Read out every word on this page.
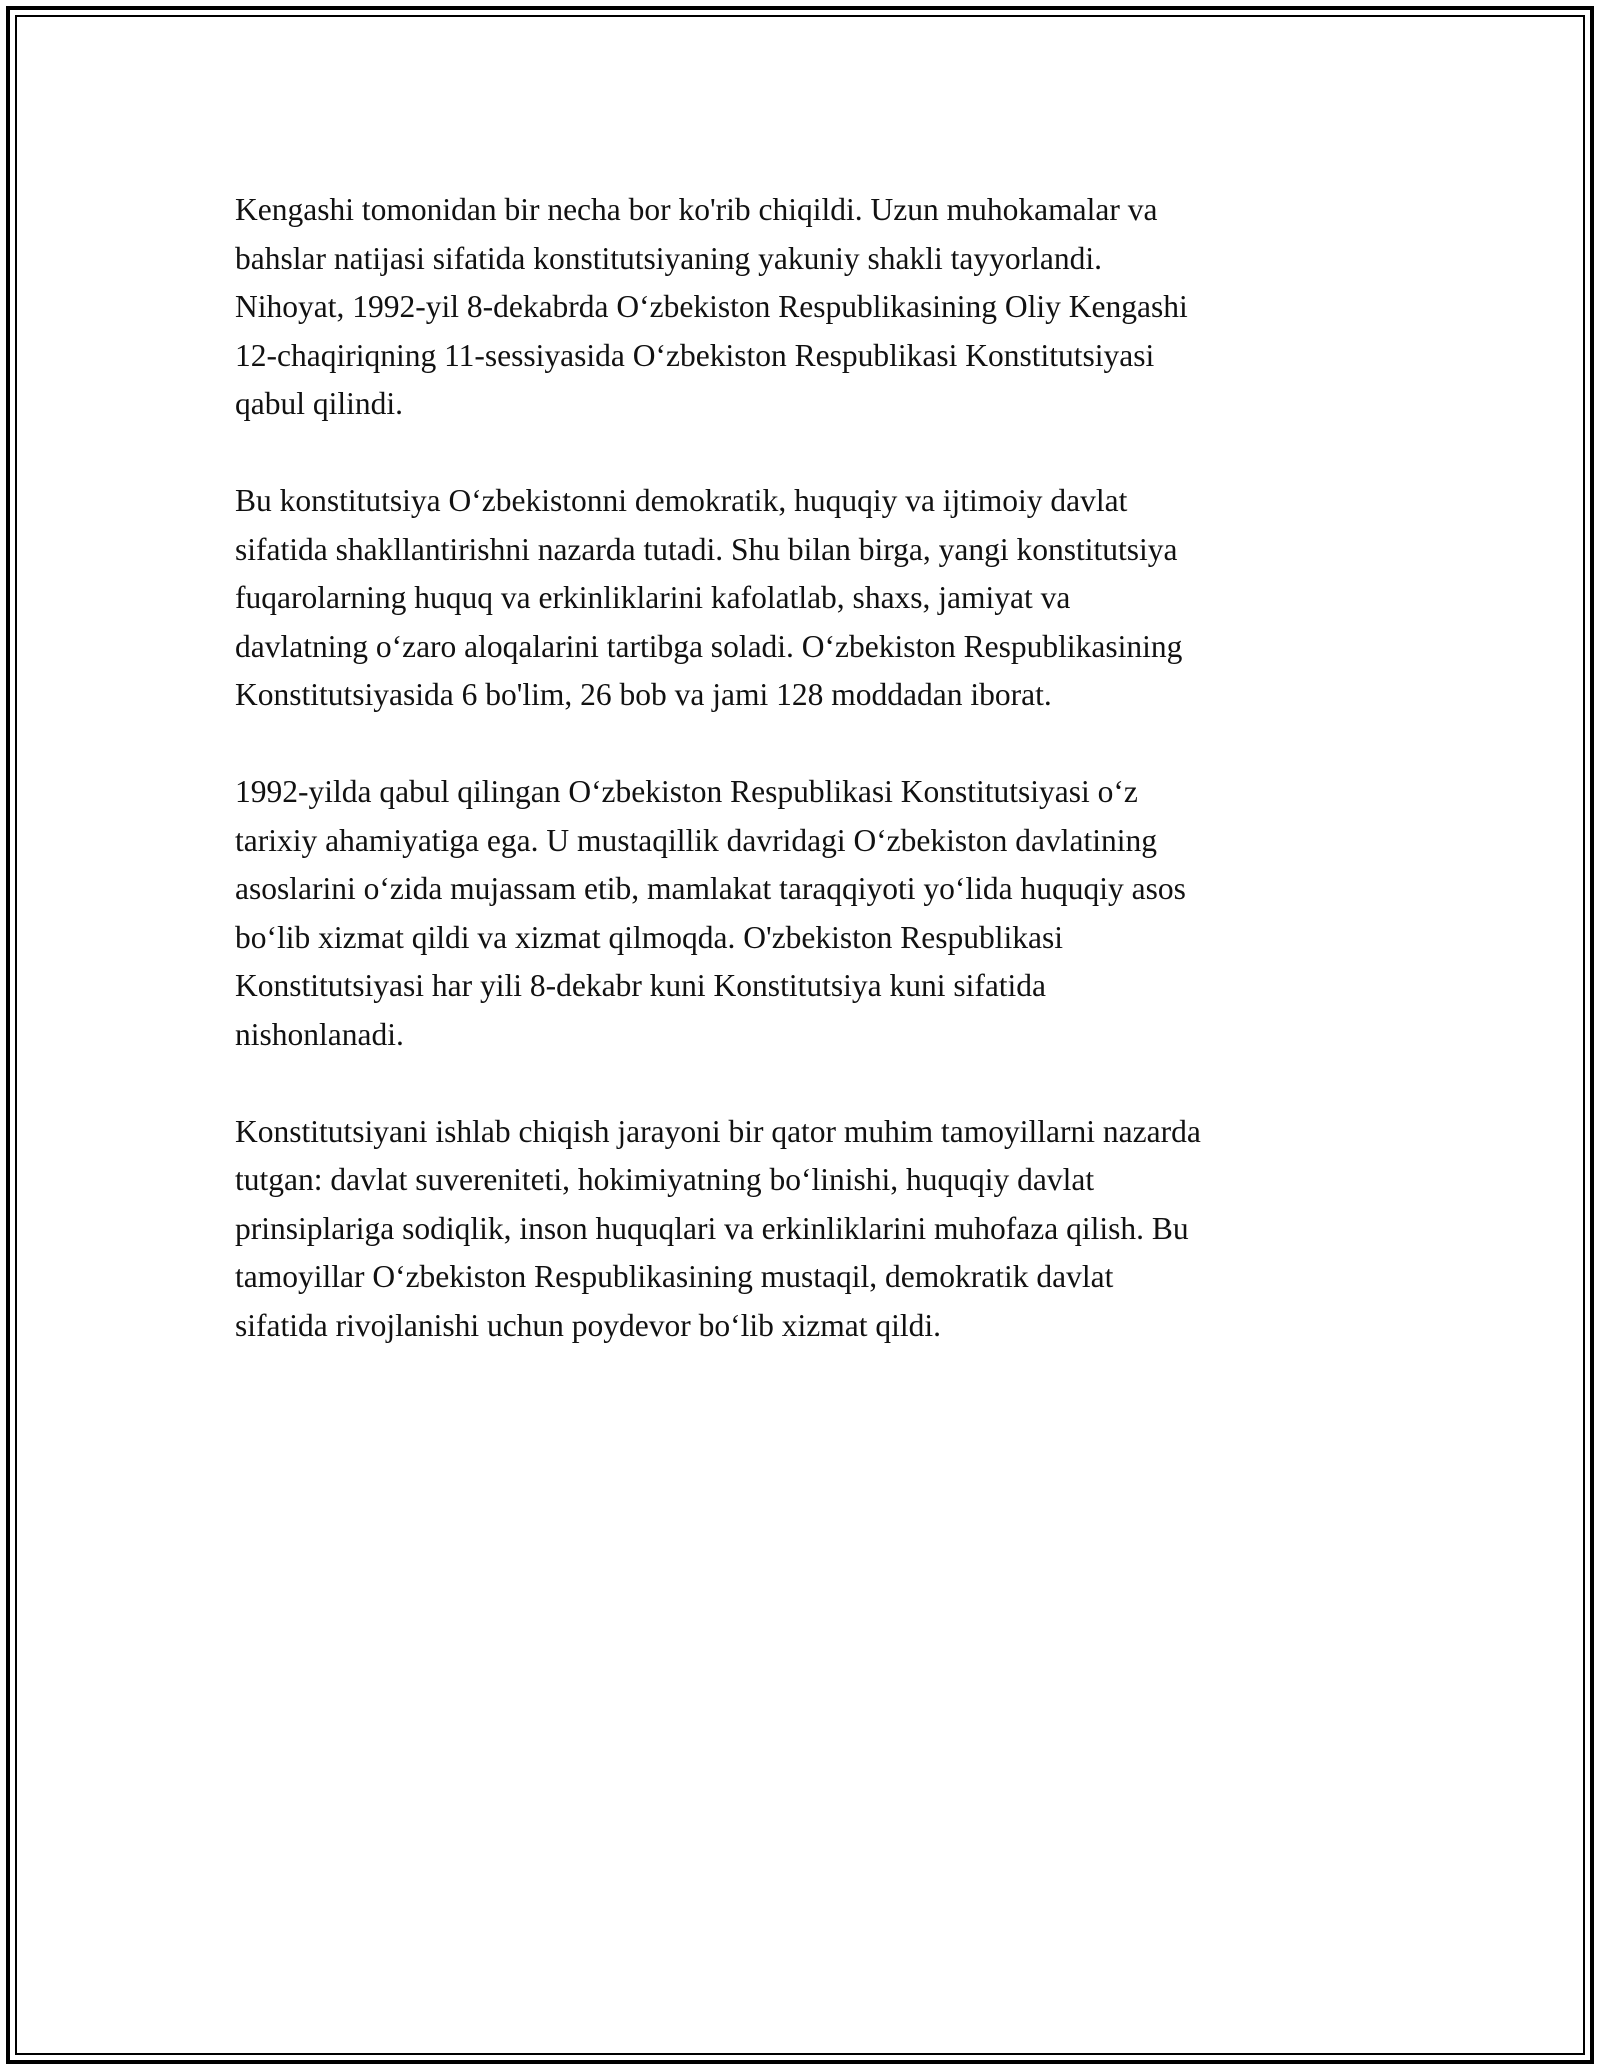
Kengashi tomonidan bir necha bor ko'rib chiqildi. Uzun muhokamalar va
bahslar natijasi sifatida konstitutsiyaning yakuniy shakli tayyorlandi.
Nihoyat, 1992-yil 8-dekabrda Oʻzbekiston Respublikasining Oliy Kengashi
12-chaqiriqning 11-sessiyasida Oʻzbekiston Respublikasi Konstitutsiyasi
qabul qilindi.

Bu konstitutsiya Oʻzbekistonni demokratik, huquqiy va ijtimoiy davlat
sifatida shakllantirishni nazarda tutadi. Shu bilan birga, yangi konstitutsiya
fuqarolarning huquq va erkinliklarini kafolatlab, shaxs, jamiyat va
davlatning oʻzaro aloqalarini tartibga soladi. Oʻzbekiston Respublikasining
Konstitutsiyasida 6 bo'lim, 26 bob va jami 128 moddadan iborat.

1992-yilda qabul qilingan Oʻzbekiston Respublikasi Konstitutsiyasi oʻz
tarixiy ahamiyatiga ega. U mustaqillik davridagi Oʻzbekiston davlatining
asoslarini oʻzida mujassam etib, mamlakat taraqqiyoti yoʻlida huquqiy asos
boʻlib xizmat qildi va xizmat qilmoqda. O'zbekiston Respublikasi
Konstitutsiyasi har yili 8-dekabr kuni Konstitutsiya kuni sifatida
nishonlanadi.

Konstitutsiyani ishlab chiqish jarayoni bir qator muhim tamoyillarni nazarda
tutgan: davlat suvereniteti, hokimiyatning boʻlinishi, huquqiy davlat
prinsiplariga sodiqlik, inson huquqlari va erkinliklarini muhofaza qilish. Bu
tamoyillar Oʻzbekiston Respublikasining mustaqil, demokratik davlat
sifatida rivojlanishi uchun poydevor boʻlib xizmat qildi.
